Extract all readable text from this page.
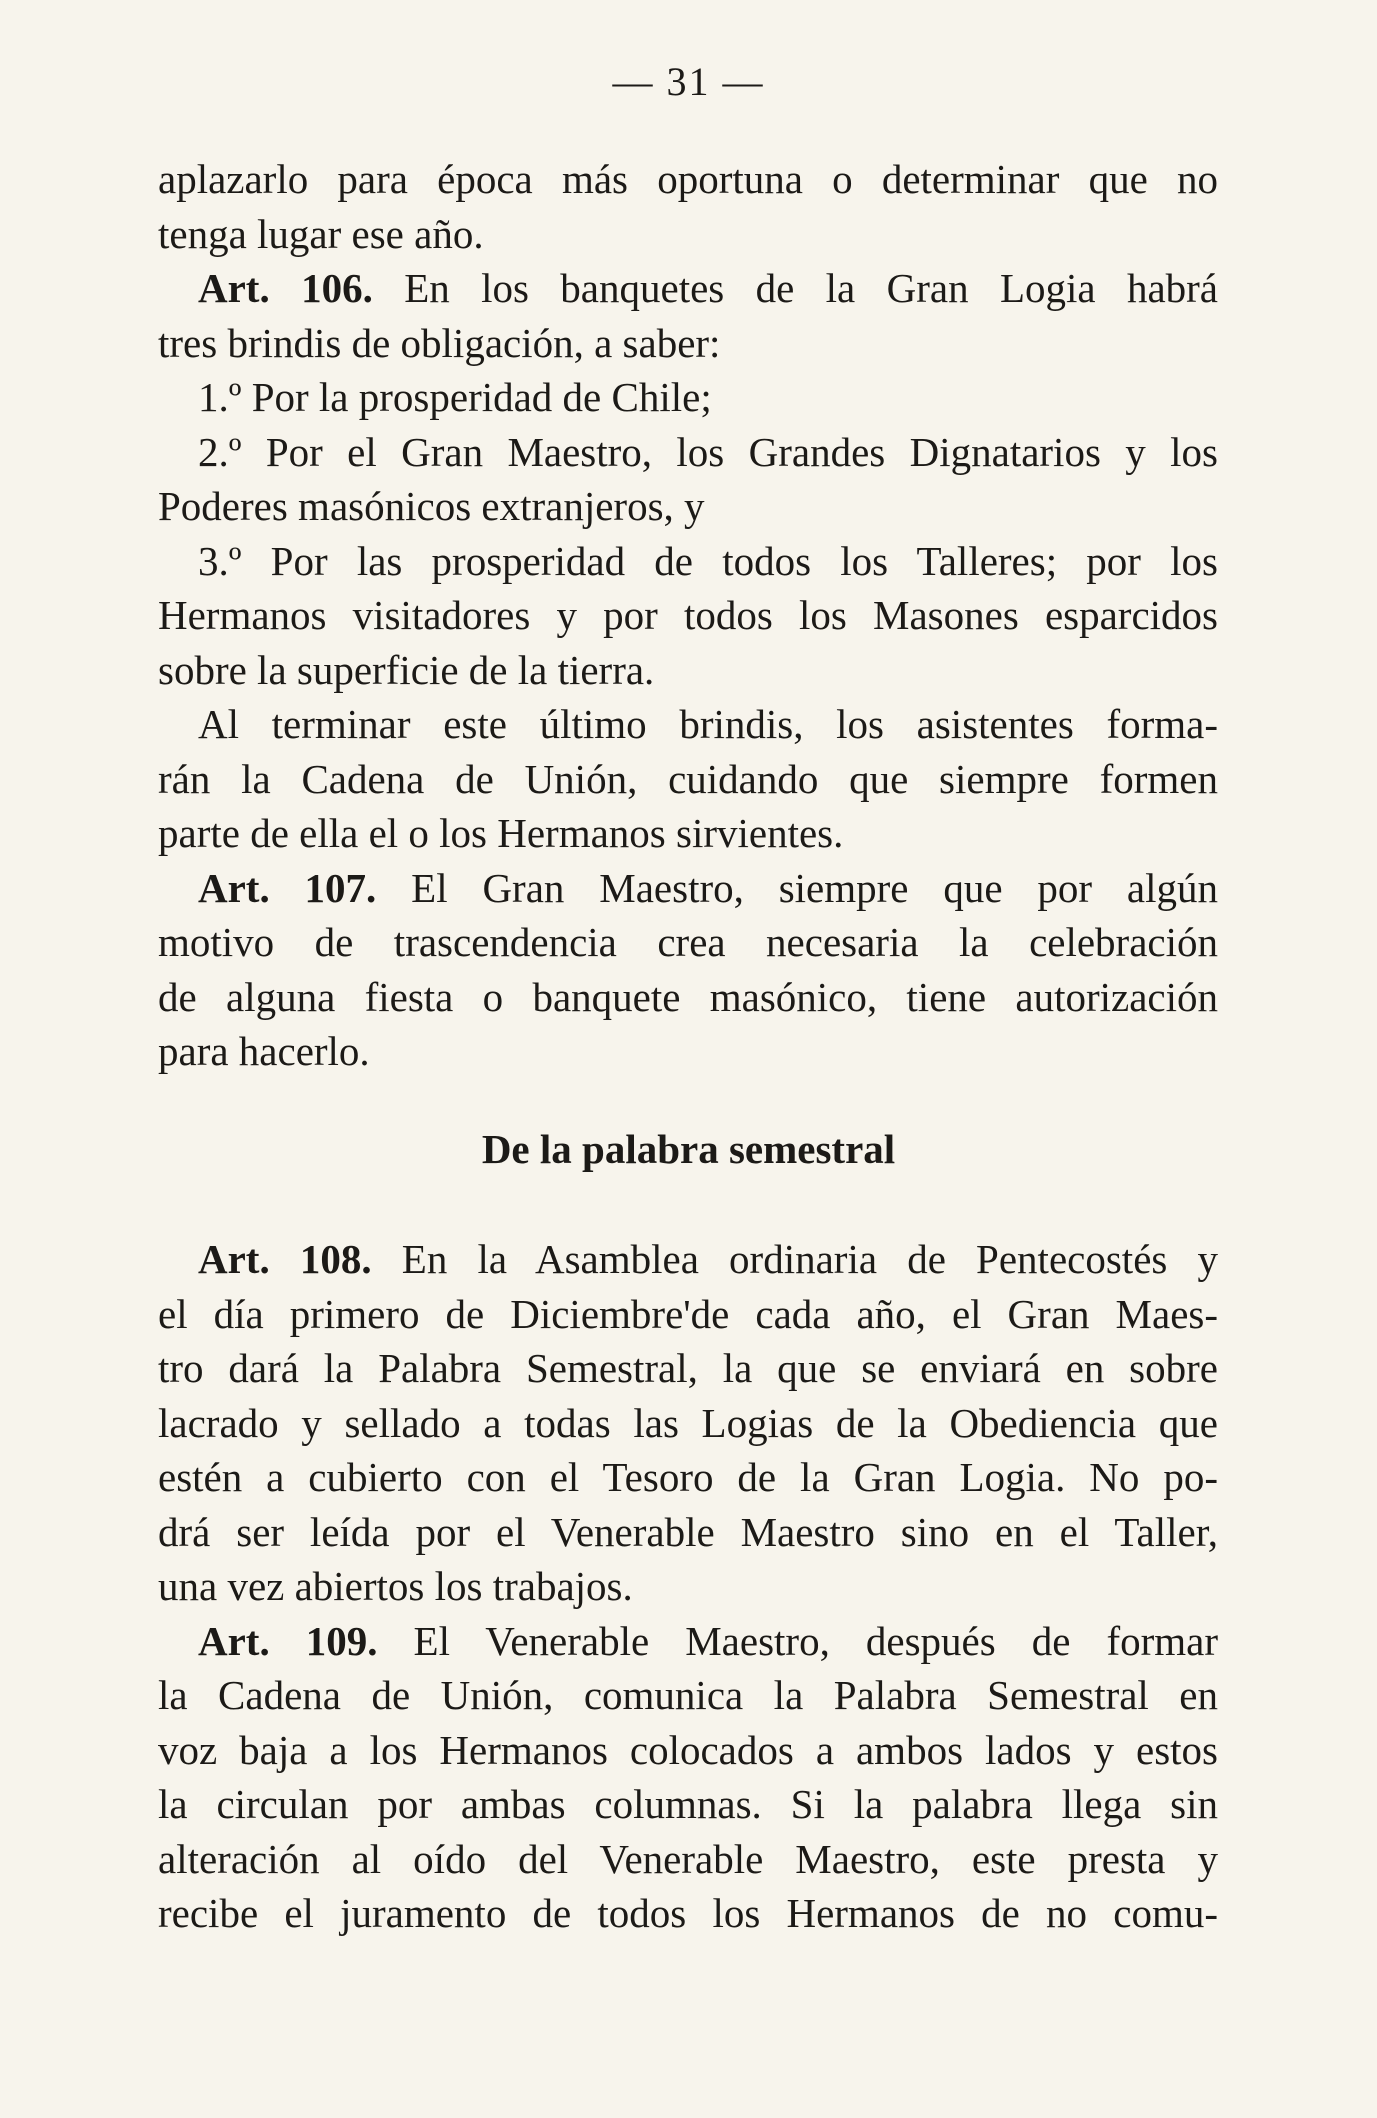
— 31 —
aplazarlo para época más oportuna o determinar que no
tenga lugar ese año.
Art. 106. En los banquetes de la Gran Logia habrá
tres brindis de obligación, a saber:
1.º Por la prosperidad de Chile;
2.º Por el Gran Maestro, los Grandes Dignatarios y los
Poderes masónicos extranjeros, y
3.º Por las prosperidad de todos los Talleres; por los
Hermanos visitadores y por todos los Masones esparcidos
sobre la superficie de la tierra.
Al terminar este último brindis, los asistentes forma-
rán la Cadena de Unión, cuidando que siempre formen
parte de ella el o los Hermanos sirvientes.
Art. 107. El Gran Maestro, siempre que por algún
motivo de trascendencia crea necesaria la celebración
de alguna fiesta o banquete masónico, tiene autorización
para hacerlo.
De la palabra semestral
Art. 108. En la Asamblea ordinaria de Pentecostés y
el día primero de Diciembre'de cada año, el Gran Maes-
tro dará la Palabra Semestral, la que se enviará en sobre
lacrado y sellado a todas las Logias de la Obediencia que
estén a cubierto con el Tesoro de la Gran Logia. No po-
drá ser leída por el Venerable Maestro sino en el Taller,
una vez abiertos los trabajos.
Art. 109. El Venerable Maestro, después de formar
la Cadena de Unión, comunica la Palabra Semestral en
voz baja a los Hermanos colocados a ambos lados y estos
la circulan por ambas columnas. Si la palabra llega sin
alteración al oído del Venerable Maestro, este presta y
recibe el juramento de todos los Hermanos de no comu-
